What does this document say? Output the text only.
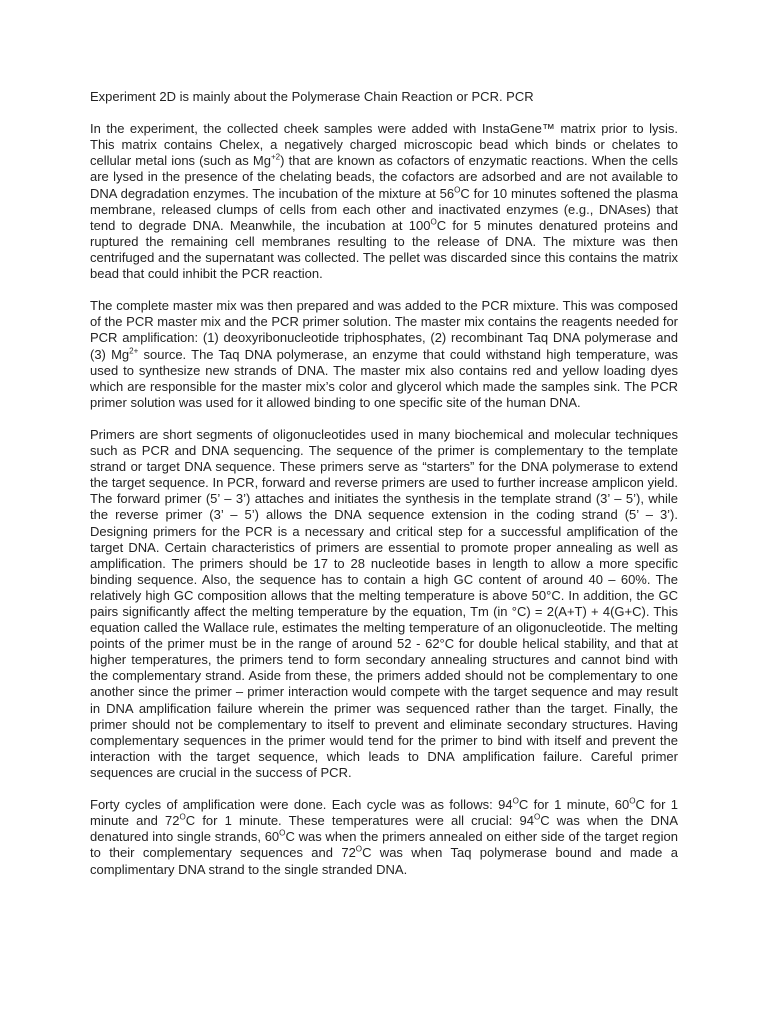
Experiment 2D is mainly about the Polymerase Chain Reaction or PCR. PCR

In the experiment, the collected cheek samples were added with InstaGene™ matrix prior to lysis. This matrix contains Chelex, a negatively charged microscopic bead which binds or chelates to cellular metal ions (such as $Mg^{+2}$) that are known as cofactors of enzymatic reactions. When the cells are lysed in the presence of the chelating beads, the cofactors are adsorbed and are not available to DNA degradation enzymes. The incubation of the mixture at $56^OC$ for 10 minutes softened the plasma membrane, released clumps of cells from each other and inactivated enzymes (e.g., DNAses) that tend to degrade DNA. Meanwhile, the incubation at $100^OC$ for 5 minutes denatured proteins and ruptured the remaining cell membranes resulting to the release of DNA. The mixture was then centrifuged and the supernatant was collected. The pellet was discarded since this contains the matrix bead that could inhibit the PCR reaction.

The complete master mix was then prepared and was added to the PCR mixture. This was composed of the PCR master mix and the PCR primer solution. The master mix contains the reagents needed for PCR amplification: (1) deoxyribonucleotide triphosphates, (2) recombinant Taq DNA polymerase and (3) $Mg^{2+}$ source. The Taq DNA polymerase, an enzyme that could withstand high temperature, was used to synthesize new strands of DNA. The master mix also contains red and yellow loading dyes which are responsible for the master mix’s color and glycerol which made the samples sink. The PCR primer solution was used for it allowed binding to one specific site of the human DNA.

Primers are short segments of oligonucleotides used in many biochemical and molecular techniques such as PCR and DNA sequencing. The sequence of the primer is complementary to the template strand or target DNA sequence. These primers serve as “starters” for the DNA polymerase to extend the target sequence. In PCR, forward and reverse primers are used to further increase amplicon yield. The forward primer (5’ – 3’) attaches and initiates the synthesis in the template strand (3’ – 5’), while the reverse primer (3’ – 5’) allows the DNA sequence extension in the coding strand (5’ – 3’). Designing primers for the PCR is a necessary and critical step for a successful amplification of the target DNA. Certain characteristics of primers are essential to promote proper annealing as well as amplification. The primers should be 17 to 28 nucleotide bases in length to allow a more specific binding sequence. Also, the sequence has to contain a high GC content of around 40 – 60%. The relatively high GC composition allows that the melting temperature is above 50°C. In addition, the GC pairs significantly affect the melting temperature by the equation, Tm (in °C) = 2(A+T) + 4(G+C). This equation called the Wallace rule, estimates the melting temperature of an oligonucleotide. The melting points of the primer must be in the range of around 52 - 62°C for double helical stability, and that at higher temperatures, the primers tend to form secondary annealing structures and cannot bind with the complementary strand. Aside from these, the primers added should not be complementary to one another since the primer – primer interaction would compete with the target sequence and may result in DNA amplification failure wherein the primer was sequenced rather than the target. Finally, the primer should not be complementary to itself to prevent and eliminate secondary structures. Having complementary sequences in the primer would tend for the primer to bind with itself and prevent the interaction with the target sequence, which leads to DNA amplification failure. Careful primer sequences are crucial in the success of PCR.

Forty cycles of amplification were done. Each cycle was as follows: $94^OC$ for 1 minute, $60^OC$ for 1 minute and $72^OC$ for 1 minute. These temperatures were all crucial: $94^OC$ was when the DNA denatured into single strands, $60^OC$ was when the primers annealed on either side of the target region to their complementary sequences and $72^OC$ was when Taq polymerase bound and made a complimentary DNA strand to the single stranded DNA.
